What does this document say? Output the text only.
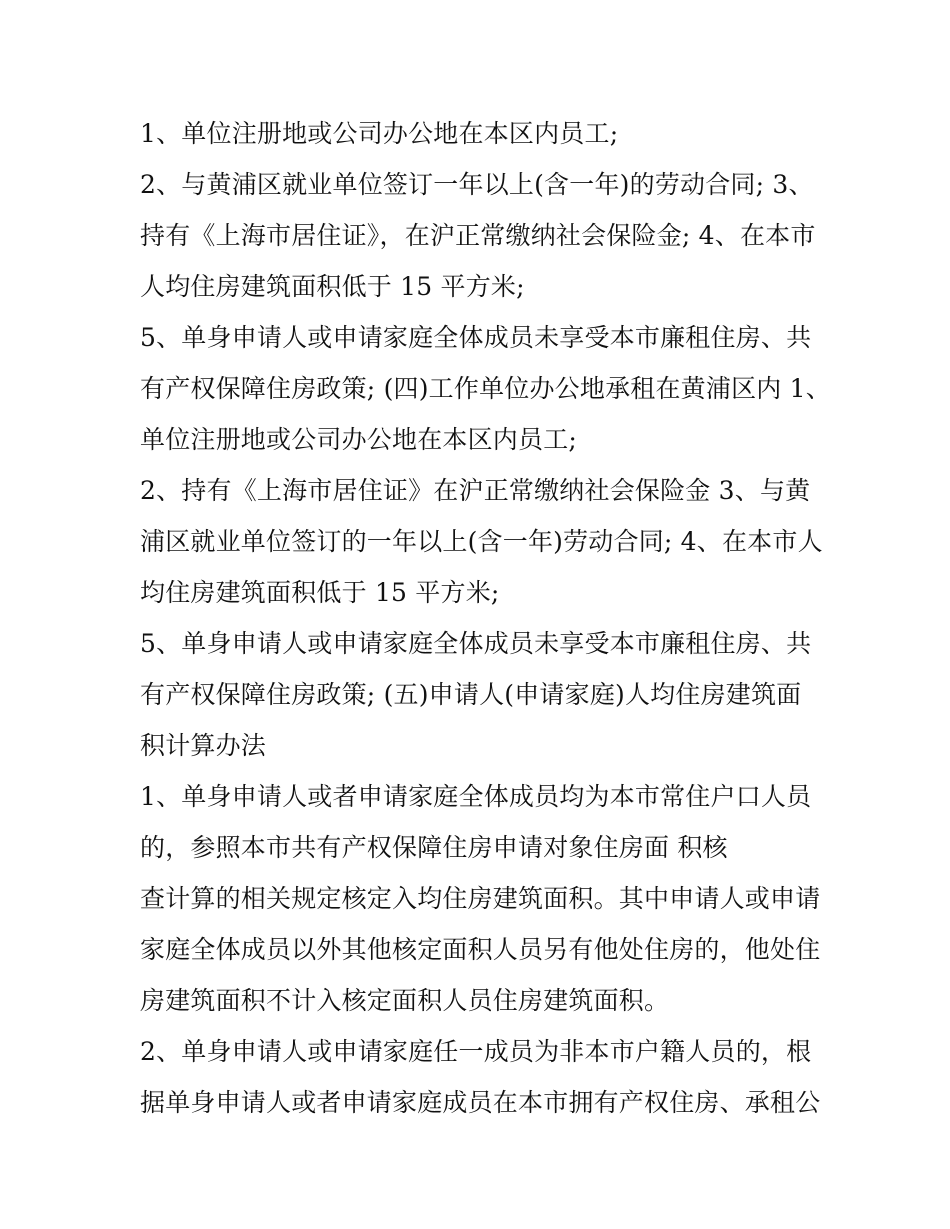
1、单位注册地或公司办公地在本区内员工;
2、与黄浦区就业单位签订一年以上(含一年)的劳动合同; 3、
持有《上海市居住证》，在沪正常缴纳社会保险金; 4、在本市
人均住房建筑面积低于 15 平方米;
5、单身申请人或申请家庭全体成员未享受本市廉租住房、共
有产权保障住房政策; (四)工作单位办公地承租在黄浦区内 1、
单位注册地或公司办公地在本区内员工;
2、持有《上海市居住证》在沪正常缴纳社会保险金 3、与黄
浦区就业单位签订的一年以上(含一年)劳动合同; 4、在本市人
均住房建筑面积低于 15 平方米;
5、单身申请人或申请家庭全体成员未享受本市廉租住房、共
有产权保障住房政策; (五)申请人(申请家庭)人均住房建筑面
积计算办法
1、单身申请人或者申请家庭全体成员均为本市常住户口人员
的，参照本市共有产权保障住房申请对象住房面 积核
查计算的相关规定核定入均住房建筑面积。其中申请人或申请
家庭全体成员以外其他核定面积人员另有他处住房的，他处住
房建筑面积不计入核定面积人员住房建筑面积。
2、单身申请人或申请家庭任一成员为非本市户籍人员的，根
据单身申请人或者申请家庭成员在本市拥有产权住房、承租公
